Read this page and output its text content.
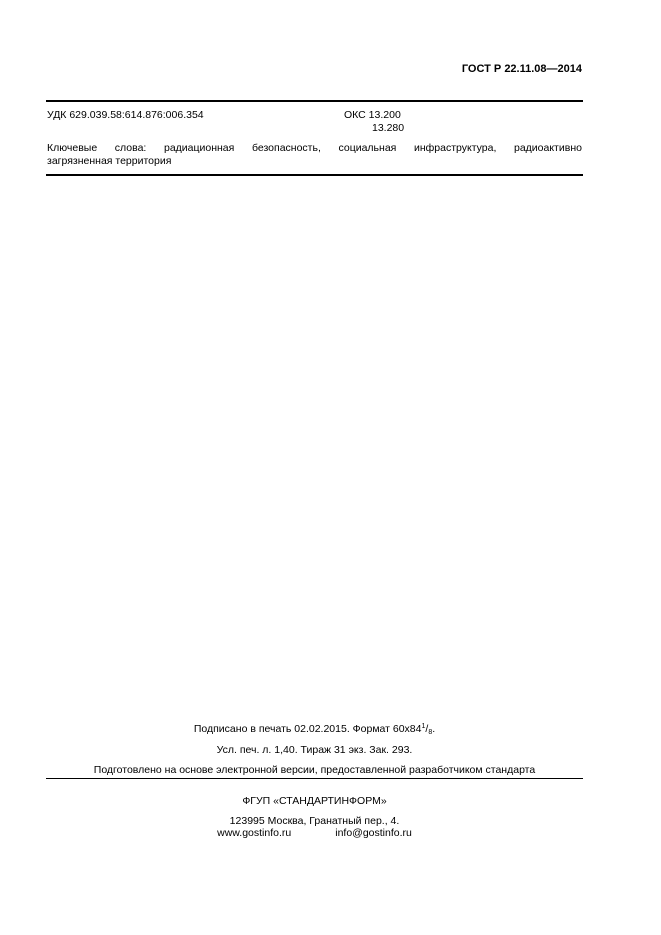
ГОСТ Р 22.11.08—2014
УДК 629.039.58:614.876:006.354	ОКС 13.200
13.280
Ключевые слова: радиационная безопасность, социальная инфраструктура, радиоактивно
загрязненная территория
Подписано в печать 02.02.2015. Формат $60x84^1/_8$.
Усл. печ. л. 1,40. Тираж 31 экз. Зак. 293.
Подготовлено на основе электронной версии, предоставленной разработчиком стандарта
ФГУП «СТАНДАРТИНФОРМ»
123995 Москва, Гранатный пер., 4.
www.gostinfo.ru	info@gostinfo.ru
